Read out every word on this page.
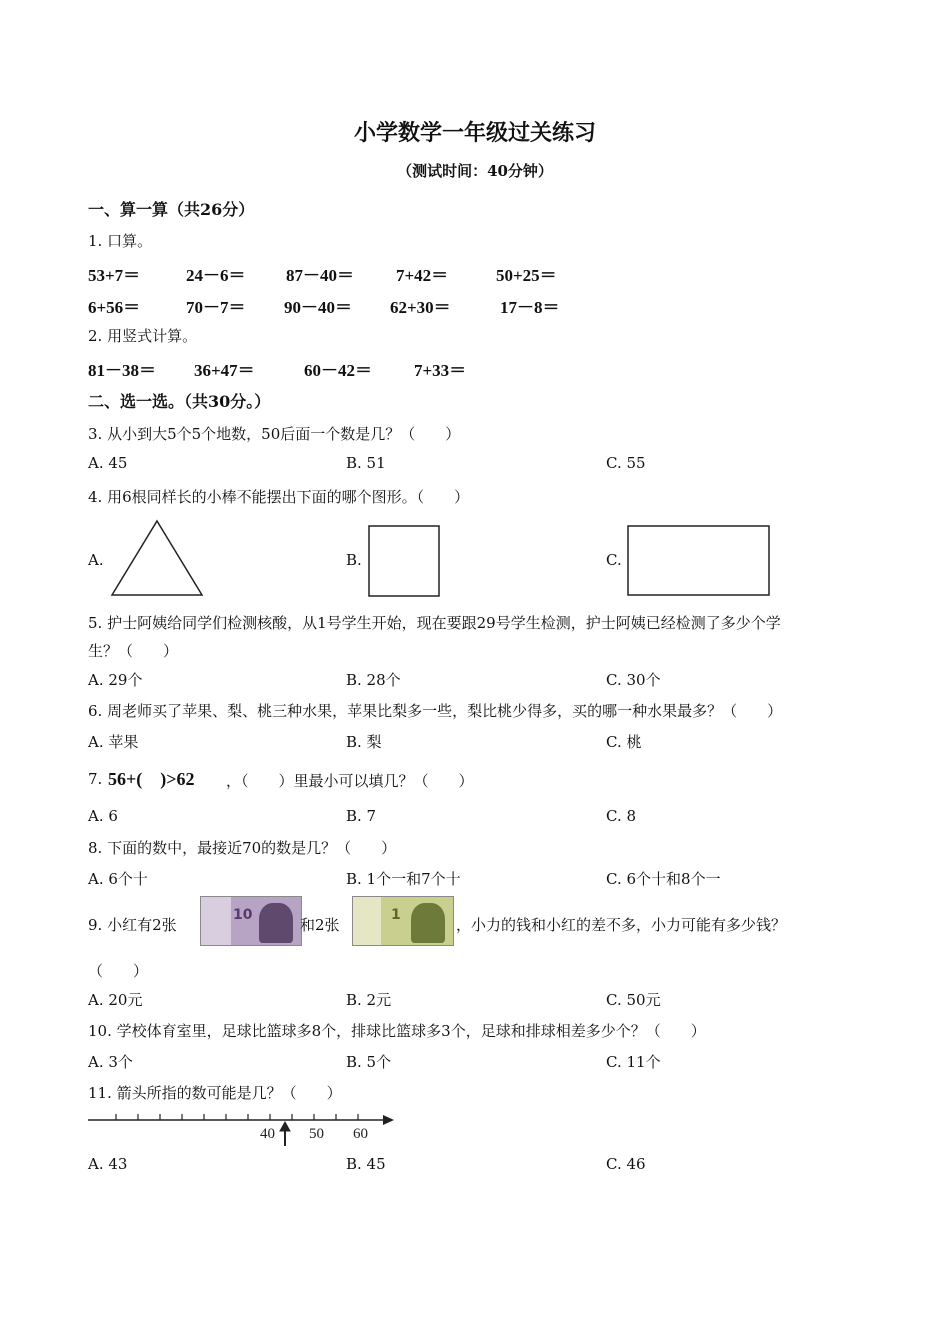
小学数学一年级过关练习
（测试时间：40分钟）
一、算一算（共26分）
1. 口算。
53+7＝	24－6＝ 87－40＝ 7+42＝	50+25＝
6+56＝	70－7＝ 90－40＝ 62+30＝	17－8＝
2. 用竖式计算。
81－38＝ 36+47＝	60－42＝ 7+33＝
二、选一选。（共30分。）
3. 从小到大5个5个地数，50后面一个数是几？（　　）
A. 45	B. 51	C. 55
4. 用6根同样长的小棒不能摆出下面的哪个图形。（　　）
A.	B.	C.
5. 护士阿姨给同学们检测核酸，从1号学生开始，现在要跟29号学生检测，护士阿姨已经检测了多少个学
生？（　　）
A. 29个	B. 28个	C. 30个
6. 周老师买了苹果、梨、桃三种水果，苹果比梨多一些，梨比桃少得多，买的哪一种水果最多？（　　）
A. 苹果	B. 梨	C. 桃
7. 56+(　)>62 ，（　　）里最小可以填几？（　　）
A. 6	B. 7	C. 8
8. 下面的数中，最接近70的数是几？（　　）
A. 6个十	B. 1个一和7个十	C. 6个十和8个一
9. 小红有2张
10
和2张
1
，小力的钱和小红的差不多，小力可能有多少钱？
（　　）
A. 20元	B. 2元	C. 50元
10. 学校体育室里，足球比篮球多8个，排球比篮球多3个，足球和排球相差多少个？（　　）
A. 3个	B. 5个	C. 11个
11. 箭头所指的数可能是几？（　　）
40 50 60
A. 43	B. 45	C. 46
